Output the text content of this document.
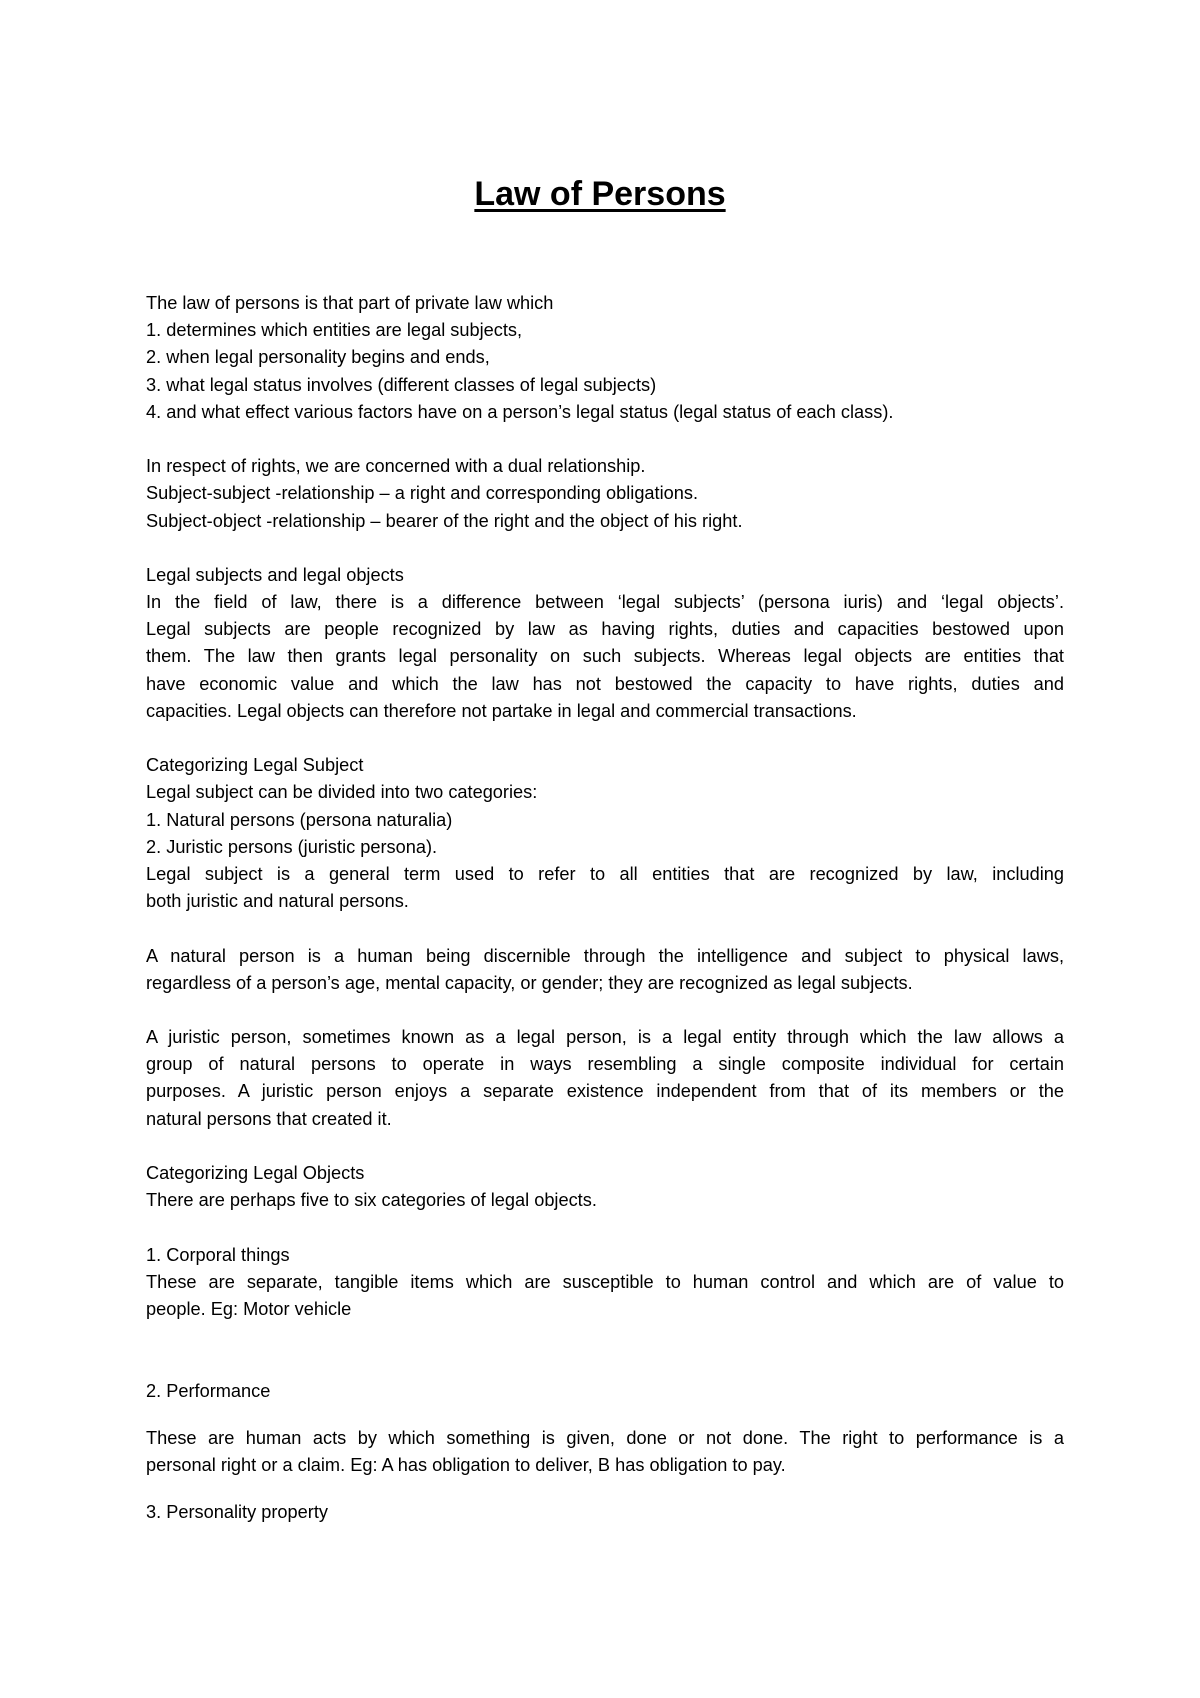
Law of Persons
The law of persons is that part of private law which
1. determines which entities are legal subjects,
2. when legal personality begins and ends,
3. what legal status involves (different classes of legal subjects)
4. and what effect various factors have on a person’s legal status (legal status of each class).
In respect of rights, we are concerned with a dual relationship.
Subject-subject -relationship – a right and corresponding obligations.
Subject-object -relationship – bearer of the right and the object of his right.
Legal subjects and legal objects
In the field of law, there is a difference between ‘legal subjects’ (persona iuris) and ‘legal objects’.
Legal subjects are people recognized by law as having rights, duties and capacities bestowed upon
them. The law then grants legal personality on such subjects. Whereas legal objects are entities that
have economic value and which the law has not bestowed the capacity to have rights, duties and
capacities. Legal objects can therefore not partake in legal and commercial transactions.
Categorizing Legal Subject
Legal subject can be divided into two categories:
1. Natural persons (persona naturalia)
2. Juristic persons (juristic persona).
Legal subject is a general term used to refer to all entities that are recognized by law, including
both juristic and natural persons.
A natural person is a human being discernible through the intelligence and subject to physical laws,
regardless of a person’s age, mental capacity, or gender; they are recognized as legal subjects.
A juristic person, sometimes known as a legal person, is a legal entity through which the law allows a
group of natural persons to operate in ways resembling a single composite individual for certain
purposes. A juristic person enjoys a separate existence independent from that of its members or the
natural persons that created it.
Categorizing Legal Objects
There are perhaps five to six categories of legal objects.
1. Corporal things
These are separate, tangible items which are susceptible to human control and which are of value to
people. Eg: Motor vehicle
2. Performance
These are human acts by which something is given, done or not done. The right to performance is a
personal right or a claim. Eg: A has obligation to deliver, B has obligation to pay.
3. Personality property
